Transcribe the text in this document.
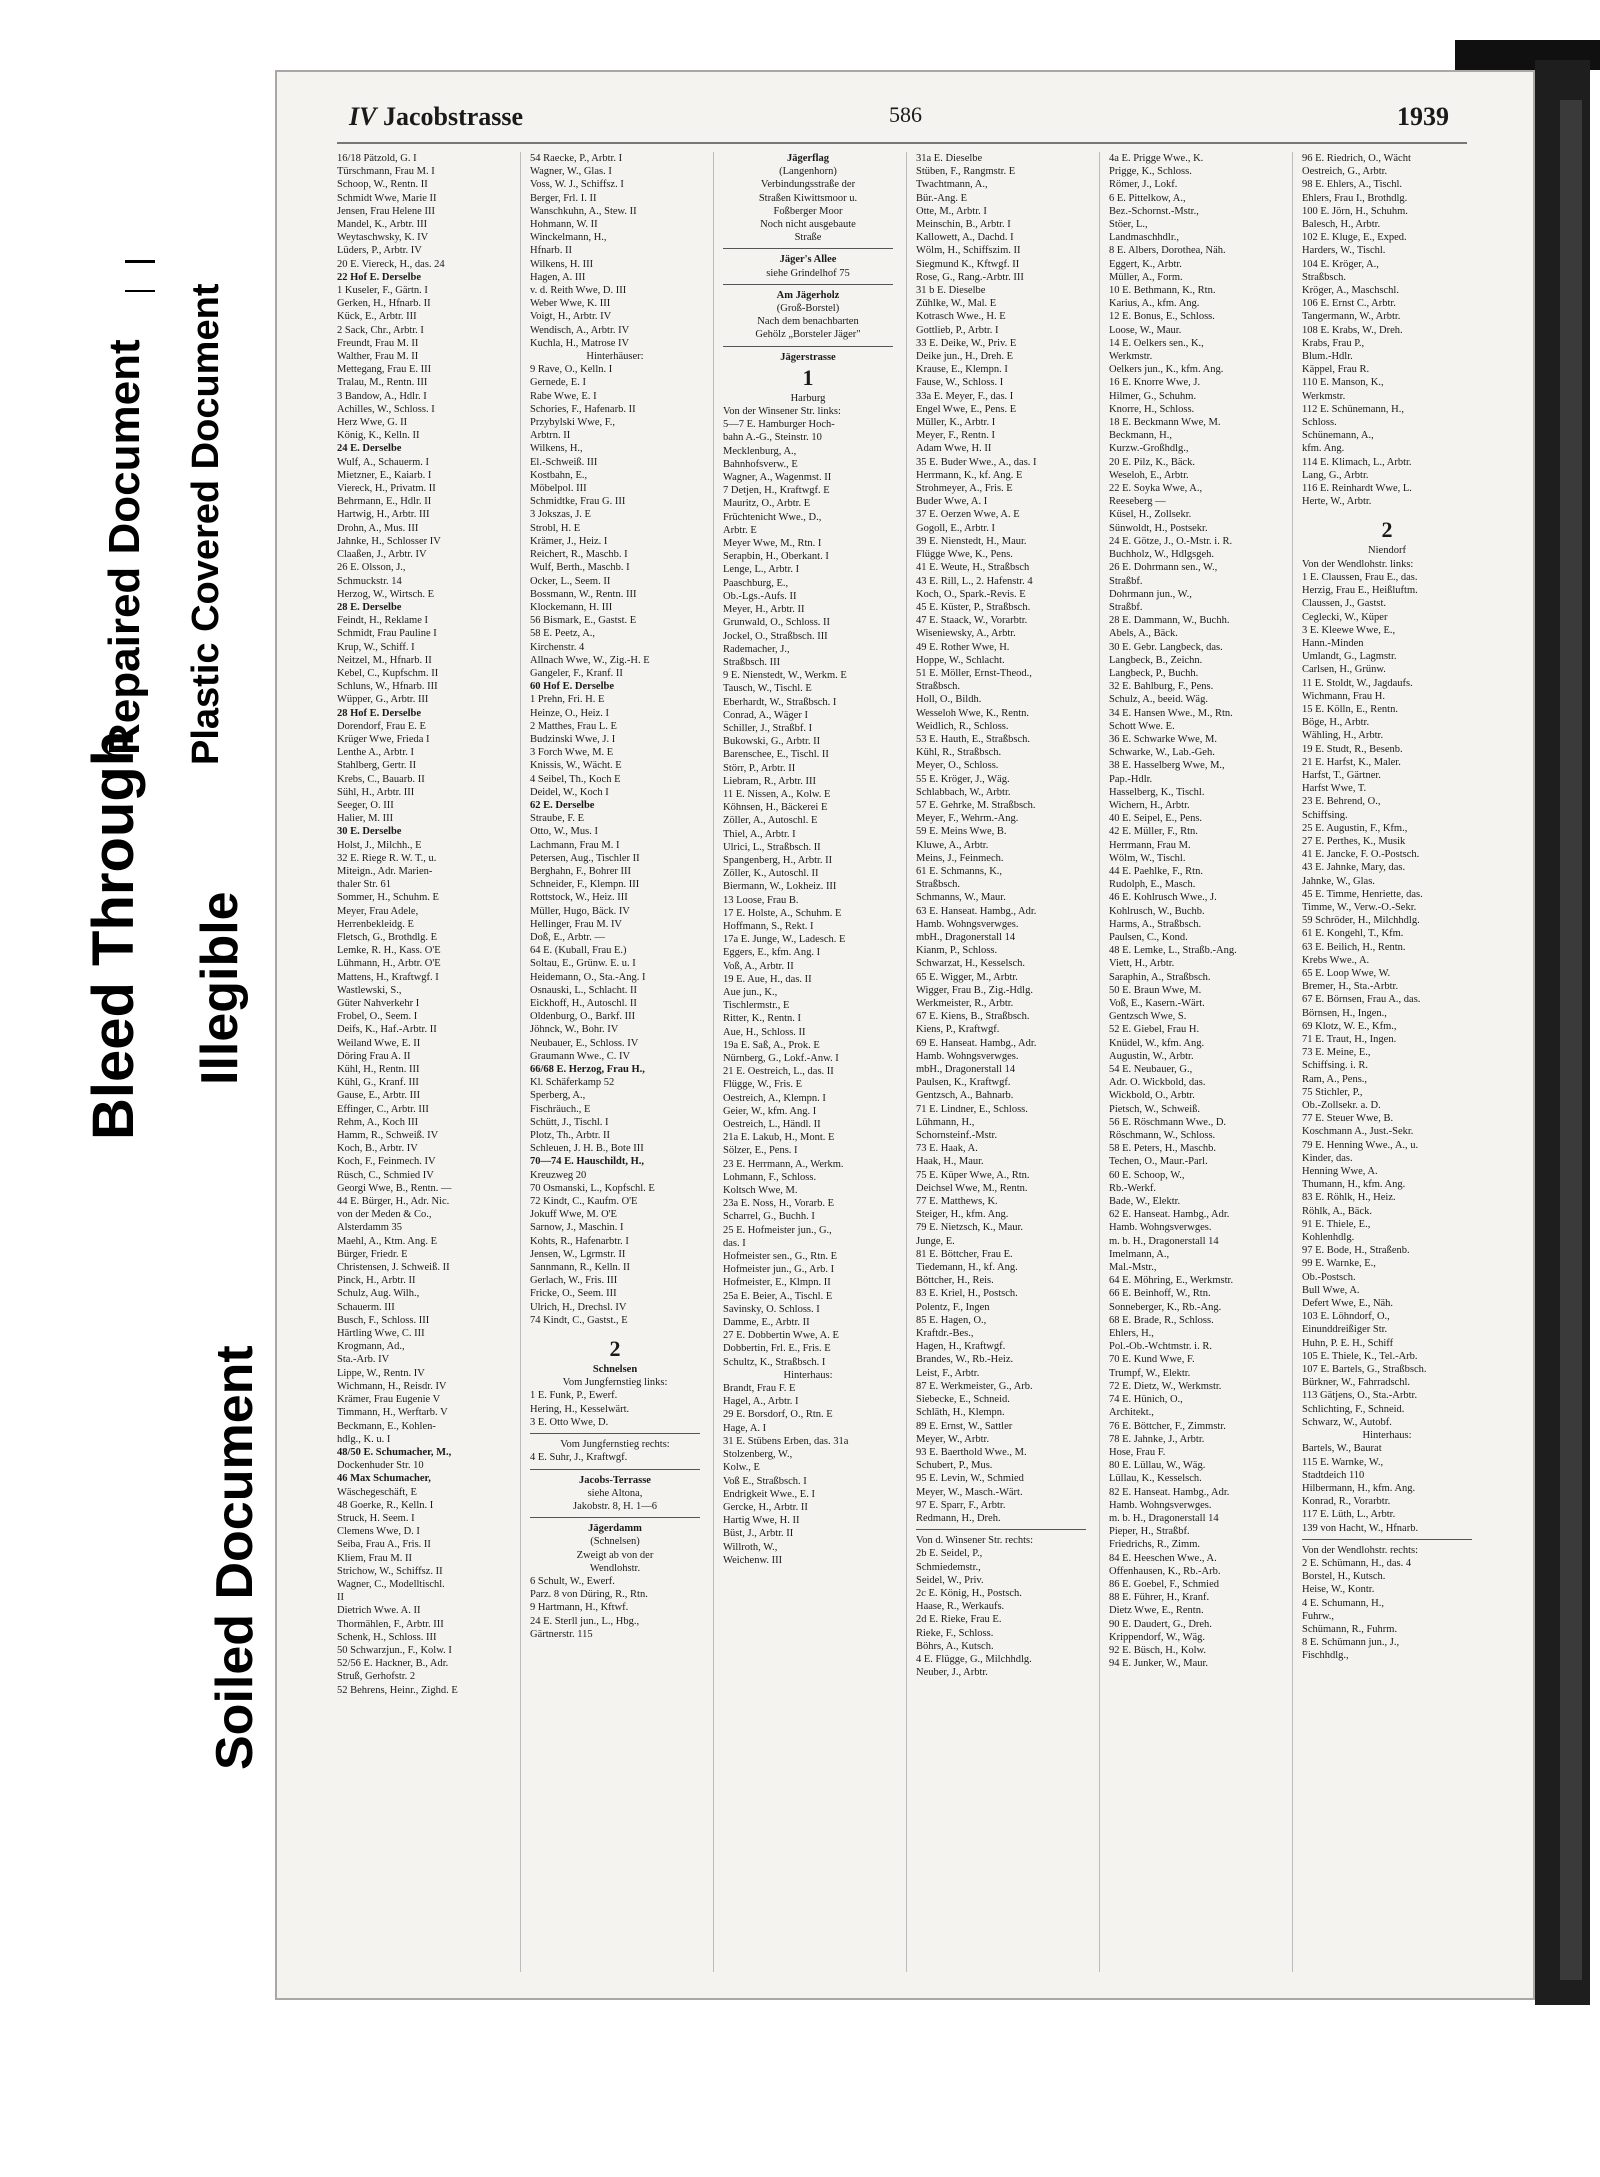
Bleed Through
Repaired Document Plastic Covered Document
Illegible
Soiled Document
IV Jacobstrasse	586	1939
16/18 Pätzold, G. I
Türschmann, Frau M. I
Schoop, W., Rentn. II
Schmidt Wwe, Marie II
Jensen, Frau Helene III
Mandel, K., Arbtr. III
Weytaschwsky, K. IV
Lüders, P., Arbtr. IV
20 E. Viereck, H., das. 24
22 Hof E. Derselbe
1 Kuseler, F., Gärtn. I
Gerken, H., Hfnarb. II
Kück, E., Arbtr. III
2 Sack, Chr., Arbtr. I
Freundt, Frau M. II
Walther, Frau M. II
Mettegang, Frau E. III
Tralau, M., Rentn. III
3 Bandow, A., Hdlr. I
Achilles, W., Schloss. I
Herz Wwe, G. II
König, K., Kelln. II
24 E. Derselbe
Wulf, A., Schauerm. I
Mietzner, E., Kaiarb. I
Viereck, H., Privatm. II
Behrmann, E., Hdlr. II
Hartwig, H., Arbtr. III
Drohn, A., Mus. III
Jahnke, H., Schlosser IV
Claaßen, J., Arbtr. IV
26 E. Olsson, J.,
Schmuckstr. 14
Herzog, W., Wirtsch. E
28 E. Derselbe
Feindt, H., Reklame I
Schmidt, Frau Pauline I
Krup, W., Schiff. I
Neitzel, M., Hfnarb. II
Kebel, C., Kupfschm. II
Schluns, W., Hfnarb. III
Wüpper, G., Arbtr. III
28 Hof E. Derselbe
Dorendorf, Frau E. E
Krüger Wwe, Frieda I
Lenthe A., Arbtr. I
Stahlberg, Gertr. II
Krebs, C., Bauarb. II
Sühl, H., Arbtr. III
Seeger, O. III
Halier, M. III
30 E. Derselbe
Holst, J., Milchh., E
32 E. Riege R. W. T., u.
Miteign., Adr. Marien-
thaler Str. 61
Sommer, H., Schuhm. E
Meyer, Frau Adele,
Herrenbekleidg. E
Fletsch, G., Brothdlg. E
Lemke, R. H., Kass. O'E
Lühmann, H., Arbtr. O'E
Mattens, H., Kraftwgf. I
Wastlewski, S.,
Güter Nahverkehr I
Frobel, O., Seem. I
Deifs, K., Haf.-Arbtr. II
Weiland Wwe, E. II
Döring Frau A. II
Kühl, H., Rentn. III
Kühl, G., Kranf. III
Gause, E., Arbtr. III
Effinger, C., Arbtr. III
Rehm, A., Koch III
Hamm, R., Schweiß. IV
Koch, B., Arbtr. IV
Koch, F., Feinmech. IV
Rüsch, C., Schmied IV
Georgi Wwe, B., Rentn. —
44 E. Bürger, H., Adr. Nic.
von der Meden & Co.,
Alsterdamm 35
Maehl, A., Ktm. Ang. E
Bürger, Friedr. E
Christensen, J. Schweiß. II
Pinck, H., Arbtr. II
Schulz, Aug. Wilh.,
Schauerm. III
Busch, F., Schloss. III
Härtling Wwe, C. III
Krogmann, Ad.,
Sta.-Arb. IV
Lippe, W., Rentn. IV
Wichmann, H., Reisdr. IV
Krämer, Frau Eugenie V
Timmann, H., Werftarb. V
Beckmann, E., Kohlen-
hdlg., K. u. I
48/50 E. Schumacher, M.,
Dockenhuder Str. 10
46 Max Schumacher,
Wäschegeschäft, E
48 Goerke, R., Kelln. I
Struck, H. Seem. I
Clemens Wwe, D. I
Seiba, Frau A., Fris. II
Kliem, Frau M. II
Strichow, W., Schiffsz. II
Wagner, C., Modelltischl.
II
Dietrich Wwe. A. II
Thormählen, F., Arbtr. III
Schenk, H., Schloss. III
50 Schwarzjun., F., Kolw. I
52/56 E. Hackner, B., Adr.
Struß, Gerhofstr. 2
52 Behrens, Heinr., Zighd. E
54 Raecke, P., Arbtr. I
Wagner, W., Glas. I
Voss, W. J., Schiffsz. I
Berger, Frl. I. II
Wanschkuhn, A., Stew. II
Hohmann, W. II
Winckelmann, H.,
Hfnarb. II
Wilkens, H. III
Hagen, A. III
v. d. Reith Wwe, D. III
Weber Wwe, K. III
Voigt, H., Arbtr. IV
Wendisch, A., Arbtr. IV
Kuchla, H., Matrose IV
Hinterhäuser:
9 Rave, O., Kelln. I
Gernede, E. I
Rabe Wwe, E. I
Schories, F., Hafenarb. II
Przybylski Wwe, F.,
Arbtrn. II
Wilkens, H.,
El.-Schweiß. III
Kostbahn, E.,
Möbelpol. III
Schmidtke, Frau G. III
3 Jokszas, J. E
Strobl, H. E
Krämer, J., Heiz. I
Reichert, R., Maschb. I
Wulf, Berth., Maschb. I
Ocker, L., Seem. II
Bossmann, W., Rentn. III
Klockemann, H. III
56 Bismark, E., Gastst. E
58 E. Peetz, A.,
Kirchenstr. 4
Allnach Wwe, W., Zig.-H. E
Gangeler, F., Kranf. II
60 Hof E. Derselbe
1 Prehn, Fri. H. E
Heinze, O., Heiz. I
2 Matthes, Frau L. E
Budzinski Wwe, J. I
3 Forch Wwe, M. E
Knissis, W., Wächt. E
4 Seibel, Th., Koch E
Deidel, W., Koch I
62 E. Derselbe
Straube, F. E
Otto, W., Mus. I
Lachmann, Frau M. I
Petersen, Aug., Tischler II
Berghahn, F., Bohrer III
Schneider, F., Klempn. III
Rottstock, W., Heiz. III
Müller, Hugo, Bäck. IV
Hellinger, Frau M. IV
Doß, E., Arbtr. —
64 E. (Kuball, Frau E.)
Soltau, E., Grünw. E. u. I
Heidemann, O., Sta.-Ang. I
Osnauski, L., Schlacht. II
Eickhoff, H., Autoschl. II
Oldenburg, O., Barkf. III
Jöhnck, W., Bohr. IV
Neubauer, E., Schloss. IV
Graumann Wwe., C. IV
66/68 E. Herzog, Frau H.,
Kl. Schäferkamp 52
Sperberg, A.,
Fischräuch., E
Schütt, J., Tischl. I
Plotz, Th., Arbtr. II
Schleuen, J. H. B., Bote III
70—74 E. Hauschildt, H.,
Kreuzweg 20
70 Osmanski, L., Kopfschl. E
72 Kindt, C., Kaufm. O'E
Jokuff Wwe, M. O'E
Sarnow, J., Maschin. I
Kohts, R., Hafenarbtr. I
Jensen, W., Lgrmstr. II
Sannmann, R., Kelln. II
Gerlach, W., Fris. III
Fricke, O., Seem. III
Ulrich, H., Drechsl. IV
74 Kindt, C., Gastst., E
2
Schnelsen
Vom Jungfernstieg links:
1 E. Funk, P., Ewerf.
Hering, H., Kesselwärt.
3 E. Otto Wwe, D.
Vom Jungfernstieg rechts:
4 E. Suhr, J., Kraftwgf.
Jacobs-Terrasse
siehe Altona,
Jakobstr. 8, H. 1—6
Jägerdamm
(Schnelsen)
Zweigt ab von der
Wendlohstr.
6 Schult, W., Ewerf.
Parz. 8 von Düring, R., Rtn.
9 Hartmann, H., Kftwf.
24 E. Sterll jun., L., Hbg.,
Gärtnerstr. 115
Jägerflag
(Langenhorn)
Verbindungsstraße der
Straßen Kiwittsmoor u.
Foßberger Moor
Noch nicht ausgebaute
Straße
Jäger's Allee
siehe Grindelhof 75
Am Jägerholz
(Groß-Borstel)
Nach dem benachbarten
Gehölz „Borsteler Jäger"
Jägerstrasse
1
Harburg
Von der Winsener Str. links:
5—7 E. Hamburger Hoch-
bahn A.-G., Steinstr. 10
Mecklenburg, A.,
Bahnhofsverw., E
Wagner, A., Wagenmst. II
7 Detjen, H., Kraftwgf. E
Mauritz, O., Arbtr. E
Früchtenicht Wwe., D.,
Arbtr. E
Meyer Wwe, M., Rtn. I
Serapbin, H., Oberkant. I
Lenge, L., Arbtr. I
Paaschburg, E.,
Ob.-Lgs.-Aufs. II
Meyer, H., Arbtr. II
Grunwald, O., Schloss. II
Jockel, O., Straßbsch. III
Rademacher, J.,
Straßbsch. III
9 E. Nienstedt, W., Werkm. E
Tausch, W., Tischl. E
Eberhardt, W., Straßbsch. I
Conrad, A., Wäger I
Schiller, J., Straßbf. I
Bukowski, G., Arbtr. II
Barenschee, E., Tischl. II
Störr, P., Arbtr. II
Liebram, R., Arbtr. III
11 E. Nissen, A., Kolw. E
Köhnsen, H., Bäckerei E
Zöller, A., Autoschl. E
Thiel, A., Arbtr. I
Ulrici, L., Straßbsch. II
Spangenberg, H., Arbtr. II
Zöller, K., Autoschl. II
Biermann, W., Lokheiz. III
13 Loose, Frau B.
17 E. Holste, A., Schuhm. E
Hoffmann, S., Rekt. I
17a E. Junge, W., Ladesch. E
Eggers, E., kfm. Ang. I
Voß, A., Arbtr. II
19 E. Aue, H., das. II
Aue jun., K.,
Tischlermstr., E
Ritter, K., Rentn. I
Aue, H., Schloss. II
19a E. Saß, A., Prok. E
Nürnberg, G., Lokf.-Anw. I
21 E. Oestreich, L., das. II
Flügge, W., Fris. E
Oestreich, A., Klempn. I
Geier, W., kfm. Ang. I
Oestreich, L., Händl. II
21a E. Lakub, H., Mont. E
Sölzer, E., Pens. I
23 E. Herrmann, A., Werkm.
Lohmann, F., Schloss.
Koltsch Wwe, M.
23a E. Noss, H., Vorarb. E
Scharrel, G., Buchh. I
25 E. Hofmeister jun., G.,
das. I
Hofmeister sen., G., Rtn. E
Hofmeister jun., G., Arb. I
Hofmeister, E., Klmpn. II
25a E. Beier, A., Tischl. E
Savinsky, O. Schloss. I
Damme, E., Arbtr. II
27 E. Dobbertin Wwe, A. E
Dobbertin, Frl. E., Fris. E
Schultz, K., Straßbsch. I
Hinterhaus:
Brandt, Frau F. E
Hagel, A., Arbtr. I
29 E. Borsdorf, O., Rtn. E
Hage, A. I
31 E. Stübens Erben, das. 31a
Stolzenberg, W.,
Kolw., E
Voß E., Straßbsch. I
Endrigkeit Wwe., E. I
Gercke, H., Arbtr. II
Hartig Wwe, H. II
Büst, J., Arbtr. II
Willroth, W.,
Weichenw. III
31a E. Dieselbe
Stüben, F., Rangmstr. E
Twachtmann, A.,
Bür.-Ang. E
Otte, M., Arbtr. I
Meinschin, B., Arbtr. I
Kallowett, A., Dachd. I
Wölm, H., Schiffszim. II
Siegmund K., Kftwgf. II
Rose, G., Rang.-Arbtr. III
31 b E. Dieselbe
Zühlke, W., Mal. E
Kotrasch Wwe., H. E
Gottlieb, P., Arbtr. I
33 E. Deike, W., Priv. E
Deike jun., H., Dreh. E
Krause, E., Klempn. I
Fause, W., Schloss. I
33a E. Meyer, F., das. I
Engel Wwe, E., Pens. E
Müller, K., Arbtr. I
Meyer, F., Rentn. I
Adam Wwe, H. II
35 E. Buder Wwe., A., das. I
Herrmann, K., kf. Ang. E
Strohmeyer, A., Fris. E
Buder Wwe, A. I
37 E. Oerzen Wwe, A. E
Gogoll, E., Arbtr. I
39 E. Nienstedt, H., Maur.
Flügge Wwe, K., Pens.
41 E. Weute, H., Straßbsch
43 E. Rill, L., 2. Hafenstr. 4
Koch, O., Spark.-Revis. E
45 E. Küster, P., Straßbsch.
47 E. Staack, W., Vorarbtr.
Wiseniewsky, A., Arbtr.
49 E. Rother Wwe, H.
Hoppe, W., Schlacht.
51 E. Möller, Ernst-Theod.,
Straßbsch.
Holl, O., Bildh.
Wesseloh Wwe, K., Rentn.
Weidlich, R., Schloss.
53 E. Hauth, E., Straßbsch.
Kühl, R., Straßbsch.
Meyer, O., Schloss.
55 E. Kröger, J., Wäg.
Schlabbach, W., Arbtr.
57 E. Gehrke, M. Straßbsch.
Meyer, F., Wehrm.-Ang.
59 E. Meins Wwe, B.
Kluwe, A., Arbtr.
Meins, J., Feinmech.
61 E. Schmanns, K.,
Straßbsch.
Schmanns, W., Maur.
63 E. Hanseat. Hambg., Adr.
Hamb. Wohngsverwges.
mbH., Dragonerstall 14
Kianm, P., Schloss.
Schwarzat, H., Kesselsch.
65 E. Wigger, M., Arbtr.
Wigger, Frau B., Zig.-Hdlg.
Werkmeister, R., Arbtr.
67 E. Kiens, B., Straßbsch.
Kiens, P., Kraftwgf.
69 E. Hanseat. Hambg., Adr.
Hamb. Wohngsverwges.
mbH., Dragonerstall 14
Paulsen, K., Kraftwgf.
Gentzsch, A., Bahnarb.
71 E. Lindner, E., Schloss.
Lühmann, H.,
Schornsteinf.-Mstr.
73 E. Haak, A.
Haak, H., Maur.
75 E. Küper Wwe, A., Rtn.
Deichsel Wwe, M., Rentn.
77 E. Matthews, K.
Steiger, H., kfm. Ang.
79 E. Nietzsch, K., Maur.
Junge, E.
81 E. Böttcher, Frau E.
Tiedemann, H., kf. Ang.
Böttcher, H., Reis.
83 E. Kriel, H., Postsch.
Polentz, F., Ingen
85 E. Hagen, O.,
Kraftdr.-Bes.,
Hagen, H., Kraftwgf.
Brandes, W., Rb.-Heiz.
Leist, F., Arbtr.
87 E. Werkmeister, G., Arb.
Siebecke, E., Schneid.
Schläth, H., Klempn.
89 E. Ernst, W., Sattler
Meyer, W., Arbtr.
93 E. Baerthold Wwe., M.
Schubert, P., Mus.
95 E. Levin, W., Schmied
Meyer, W., Masch.-Wärt.
97 E. Sparr, F., Arbtr.
Redmann, H., Dreh.
Von d. Winsener Str. rechts:
2b E. Seidel, P.,
Schmiedemstr.,
Seidel, W., Priv.
2c E. König, H., Postsch.
Haase, R., Werkaufs.
2d E. Rieke, Frau E.
Rieke, F., Schloss.
Böhrs, A., Kutsch.
4 E. Flügge, G., Milchhdlg.
Neuber, J., Arbtr.
4a E. Prigge Wwe., K.
Prigge, K., Schloss.
Römer, J., Lokf.
6 E. Pittelkow, A.,
Bez.-Schornst.-Mstr.,
Stöer, L.,
Landmaschhdlr.,
8 E. Albers, Dorothea, Näh.
Eggert, K., Arbtr.
Müller, A., Form.
10 E. Bethmann, K., Rtn.
Karius, A., kfm. Ang.
12 E. Bonus, E., Schloss.
Loose, W., Maur.
14 E. Oelkers sen., K.,
Werkmstr.
Oelkers jun., K., kfm. Ang.
16 E. Knorre Wwe, J.
Hilmer, G., Schuhm.
Knorre, H., Schloss.
18 E. Beckmann Wwe, M.
Beckmann, H.,
Kurzw.-Großhdlg.,
20 E. Pilz, K., Bäck.
Weseloh, E., Arbtr.
22 E. Soyka Wwe, A.,
Reeseberg —
Küsel, H., Zollsekr.
Sünwoldt, H., Postsekr.
24 E. Götze, J., O.-Mstr. i. R.
Buchholz, W., Hdlgsgeh.
26 E. Dohrmann sen., W.,
Straßbf.
Dohrmann jun., W.,
Straßbf.
28 E. Dammann, W., Buchh.
Abels, A., Bäck.
30 E. Gebr. Langbeck, das.
Langbeck, B., Zeichn.
Langbeck, P., Buchh.
32 E. Bahlburg, F., Pens.
Schulz, A., beeid. Wäg.
34 E. Hansen Wwe., M., Rtn.
Schott Wwe. E.
36 E. Schwarke Wwe, M.
Schwarke, W., Lab.-Geh.
38 E. Hasselberg Wwe, M.,
Pap.-Hdlr.
Hasselberg, K., Tischl.
Wichern, H., Arbtr.
40 E. Seipel, E., Pens.
42 E. Müller, F., Rtn.
Herrmann, Frau M.
Wölm, W., Tischl.
44 E. Paehlke, F., Rtn.
Rudolph, E., Masch.
46 E. Kohlrusch Wwe., J.
Kohlrusch, W., Buchb.
Harms, A., Straßbsch.
Paulsen, C., Kond.
48 E. Lemke, L., Straßb.-Ang.
Viett, H., Arbtr.
Saraphin, A., Straßbsch.
50 E. Braun Wwe, M.
Voß, E., Kasern.-Wärt.
Gentzsch Wwe, S.
52 E. Giebel, Frau H.
Knüdel, W., kfm. Ang.
Augustin, W., Arbtr.
54 E. Neubauer, G.,
Adr. O. Wickbold, das.
Wickbold, O., Arbtr.
Pietsch, W., Schweiß.
56 E. Röschmann Wwe., D.
Röschmann, W., Schloss.
58 E. Peters, H., Maschb.
Techen, O., Maur.-Parl.
60 E. Schoop, W.,
Rb.-Werkf.
Bade, W., Elektr.
62 E. Hanseat. Hambg., Adr.
Hamb. Wohngsverwges.
m. b. H., Dragonerstall 14
Imelmann, A.,
Mal.-Mstr.,
64 E. Möhring, E., Werkmstr.
66 E. Beinhoff, W., Rtn.
Sonneberger, K., Rb.-Ang.
68 E. Brade, R., Schloss.
Ehlers, H.,
Pol.-Ob.-Wchtmstr. i. R.
70 E. Kund Wwe, F.
Trumpf, W., Elektr.
72 E. Dietz, W., Werkmstr.
74 E. Hünich, O.,
Architekt.,
76 E. Böttcher, F., Zimmstr.
78 E. Jahnke, J., Arbtr.
Hose, Frau F.
80 E. Lüllau, W., Wäg.
Lüllau, K., Kesselsch.
82 E. Hanseat. Hambg., Adr.
Hamb. Wohngsverwges.
m. b. H., Dragonerstall 14
Pieper, H., Straßbf.
Friedrichs, R., Zimm.
84 E. Heeschen Wwe., A.
Offenhausen, K., Rb.-Arb.
86 E. Goebel, F., Schmied
88 E. Führer, H., Kranf.
Dietz Wwe, E., Rentn.
90 E. Daudert, G., Dreh.
Krippendorf, W., Wäg.
92 E. Büsch, H., Kolw.
94 E. Junker, W., Maur.
96 E. Riedrich, O., Wächt
Oestreich, G., Arbtr.
98 E. Ehlers, A., Tischl.
Ehlers, Frau I., Brothdlg.
100 E. Jörn, H., Schuhm.
Balesch, H., Arbtr.
102 E. Kluge, E., Exped.
Harders, W., Tischl.
104 E. Kröger, A.,
Straßbsch.
Kröger, A., Maschschl.
106 E. Ernst C., Arbtr.
Tangermann, W., Arbtr.
108 E. Krabs, W., Dreh.
Krabs, Frau P.,
Blum.-Hdlr.
Käppel, Frau R.
110 E. Manson, K.,
Werkmstr.
112 E. Schünemann, H.,
Schloss.
Schünemann, A.,
kfm. Ang.
114 E. Klimach, L., Arbtr.
Lang, G., Arbtr.
116 E. Reinhardt Wwe, L.
Herte, W., Arbtr.
2
Niendorf
Von der Wendlohstr. links:
1 E. Claussen, Frau E., das.
Herzig, Frau E., Heißluftm.
Claussen, J., Gastst.
Ceglecki, W., Küper
3 E. Kleewe Wwe, E.,
Hann.-Minden
Umlandt, G., Lagmstr.
Carlsen, H., Grünw.
11 E. Stoldt, W., Jagdaufs.
Wichmann, Frau H.
15 E. Kölln, E., Rentn.
Böge, H., Arbtr.
Wähling, H., Arbtr.
19 E. Studt, R., Besenb.
21 E. Harfst, K., Maler.
Harfst, T., Gärtner.
Harfst Wwe, T.
23 E. Behrend, O.,
Schiffsing.
25 E. Augustin, F., Kfm.,
27 E. Perthes, K., Musik
41 E. Jancke, F. O.-Postsch.
43 E. Jahnke, Mary, das.
Jahnke, W., Glas.
45 E. Timme, Henriette, das.
Timme, W., Verw.-O.-Sekr.
59 Schröder, H., Milchhdlg.
61 E. Kongehl, T., Kfm.
63 E. Beilich, H., Rentn.
Krebs Wwe., A.
65 E. Loop Wwe, W.
Bremer, H., Sta.-Arbtr.
67 E. Börnsen, Frau A., das.
Börnsen, H., Ingen.,
69 Klotz, W. E., Kfm.,
71 E. Traut, H., Ingen.
73 E. Meine, E.,
Schiffsing. i. R.
Ram, A., Pens.,
75 Stichler, P.,
Ob.-Zollsekr. a. D.
77 E. Steuer Wwe, B.
Koschmann A., Just.-Sekr.
79 E. Henning Wwe., A., u.
Kinder, das.
Henning Wwe, A.
Thumann, H., kfm. Ang.
83 E. Röhlk, H., Heiz.
Röhlk, A., Bäck.
91 E. Thiele, E.,
Kohlenhdlg.
97 E. Bode, H., Straßenb.
99 E. Warnke, E.,
Ob.-Postsch.
Bull Wwe, A.
Defert Wwe, E., Näh.
103 E. Löhndorf, O.,
Einunddreißiger Str.
Huhn, P. E. H., Schiff
105 E. Thiele, K., Tel.-Arb.
107 E. Bartels, G., Straßbsch.
Bürkner, W., Fahrradschl.
113 Gätjens, O., Sta.-Arbtr.
Schlichting, F., Schneid.
Schwarz, W., Autobf.
Hinterhaus:
Bartels, W., Baurat
115 E. Warnke, W.,
Stadtdeich 110
Hilbermann, H., kfm. Ang.
Konrad, R., Vorarbtr.
117 E. Lüth, L., Arbtr.
139 von Hacht, W., Hfnarb.
Von der Wendlohstr. rechts:
2 E. Schümann, H., das. 4
Borstel, H., Kutsch.
Heise, W., Kontr.
4 E. Schumann, H.,
Fuhrw.,
Schümann, R., Fuhrm.
8 E. Schümann jun., J.,
Fischhdlg.,
